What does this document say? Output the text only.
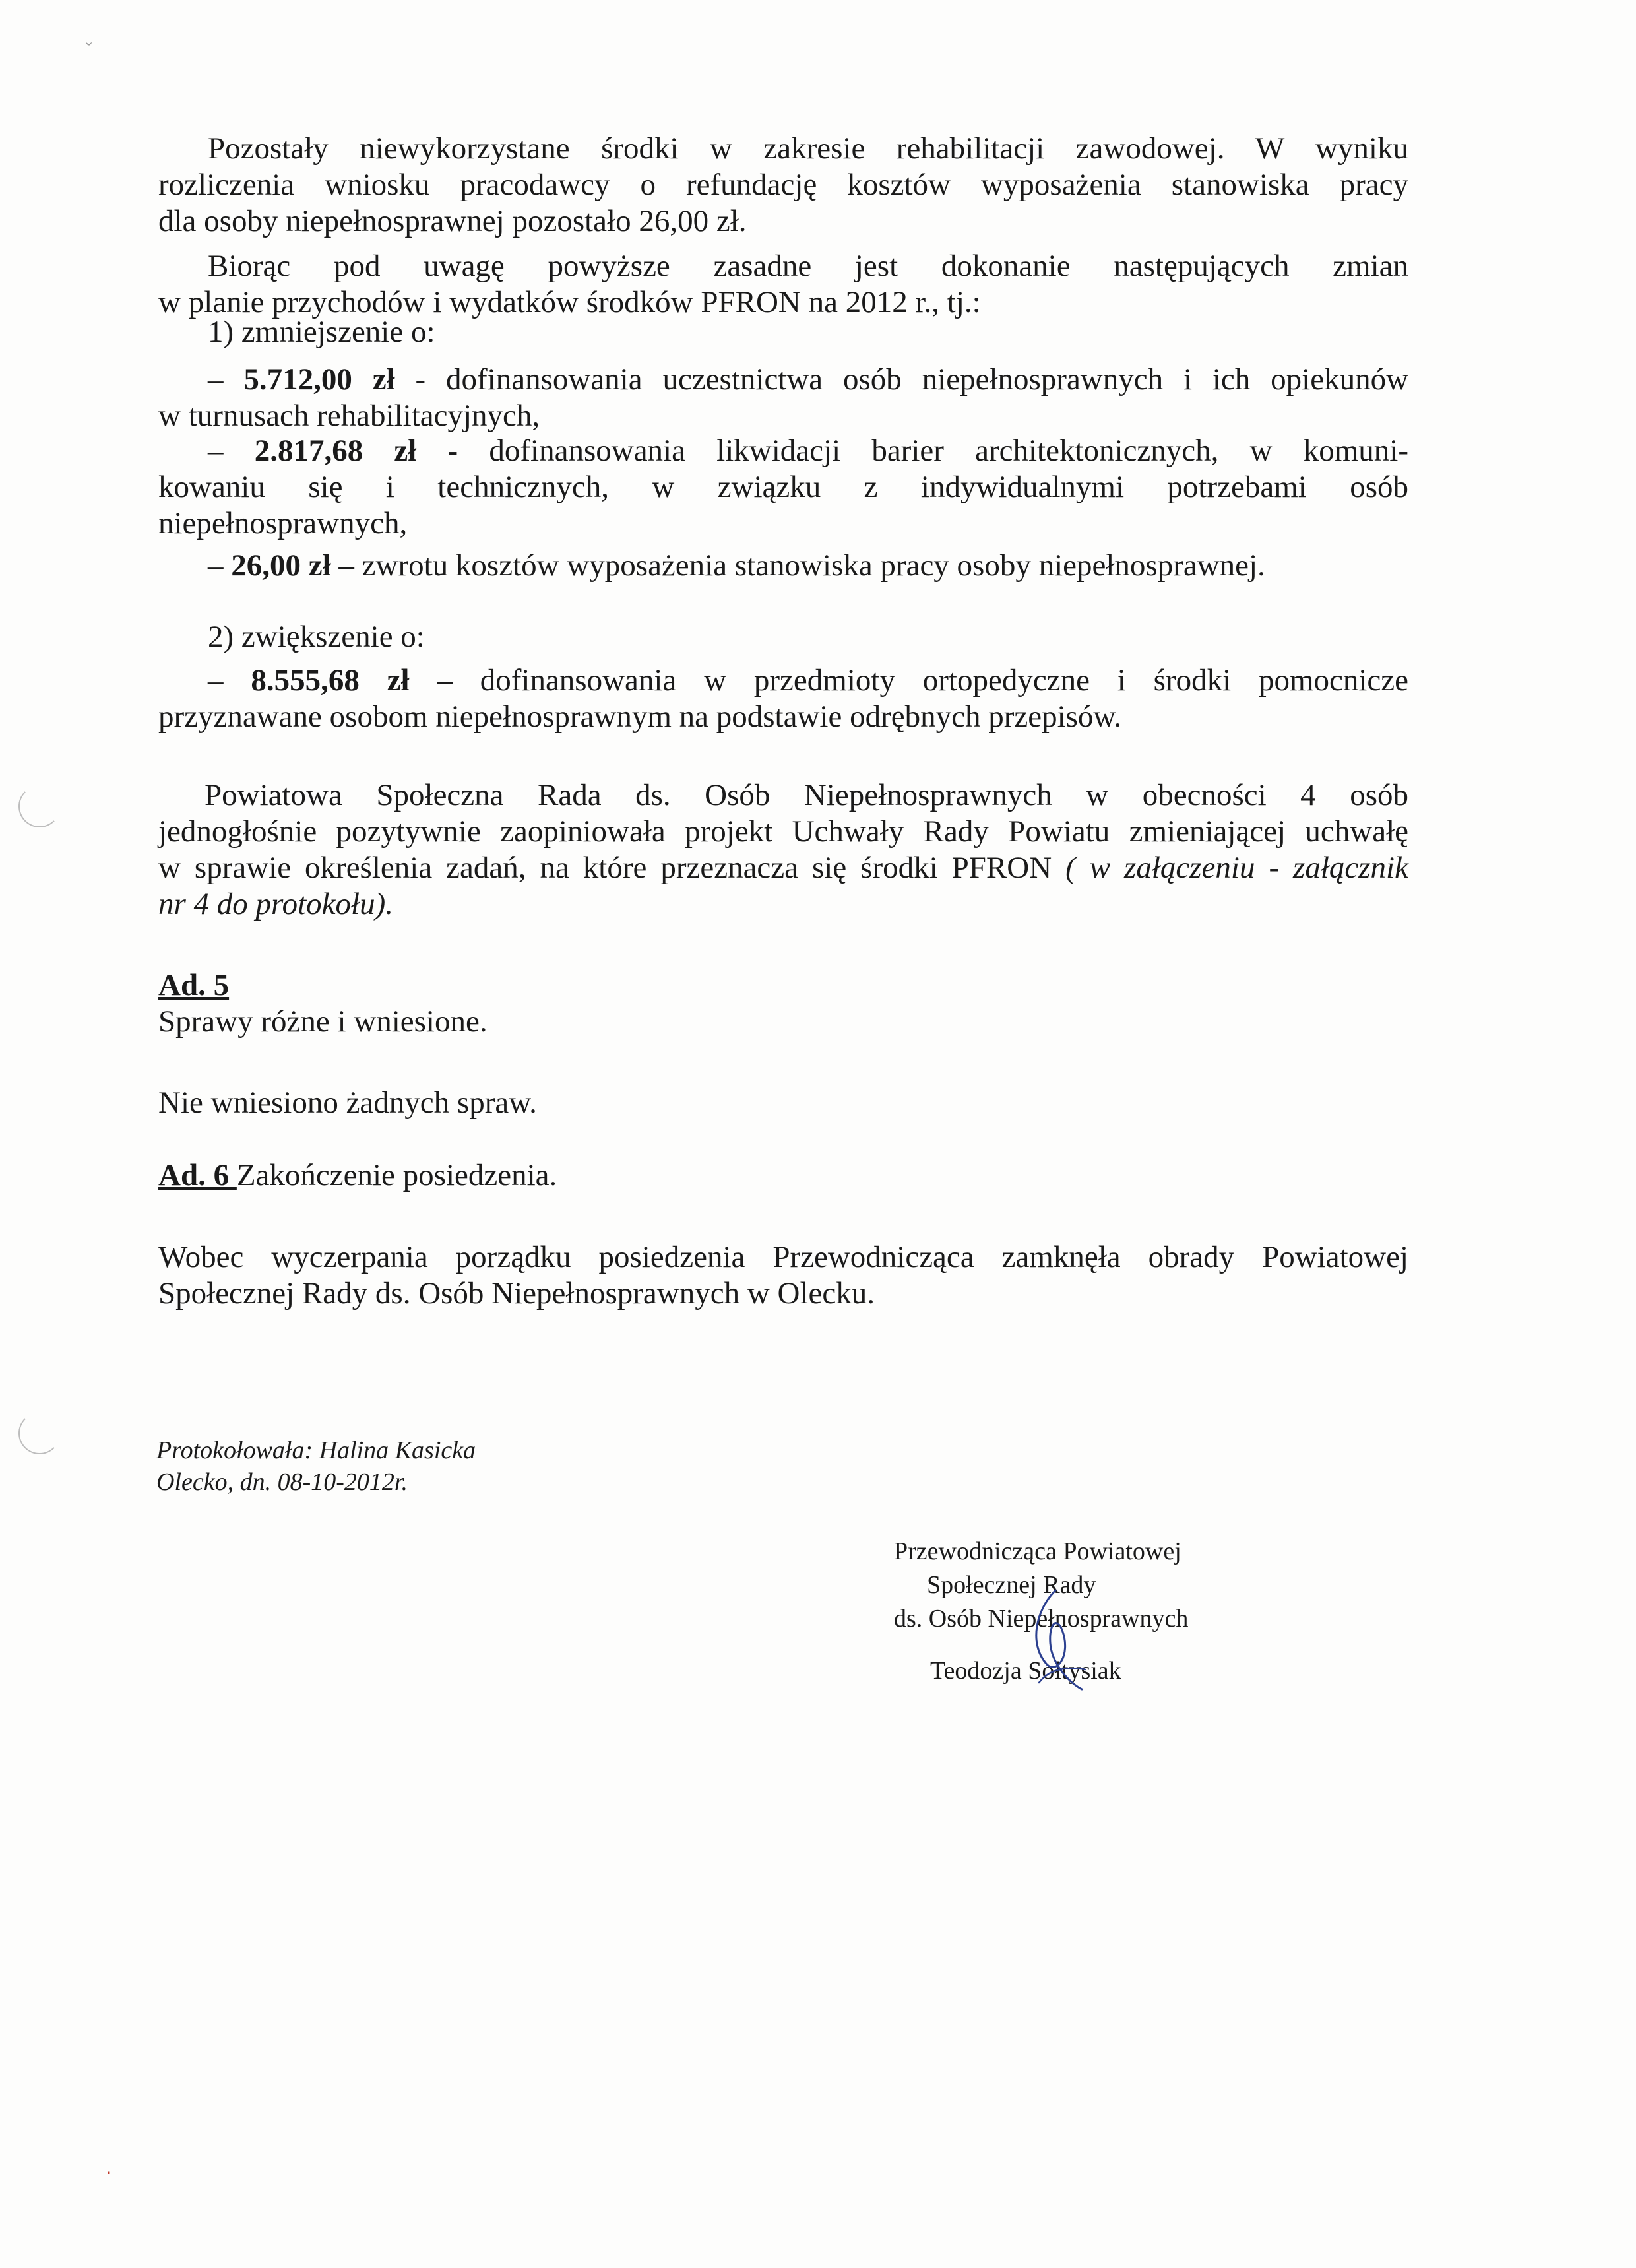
ˇ
Pozostały niewykorzystane środki w zakresie rehabilitacji zawodowej. W wyniku
rozliczenia wniosku pracodawcy o refundację kosztów wyposażenia stanowiska pracy
dla osoby niepełnosprawnej pozostało 26,00 zł.
Biorąc pod uwagę powyższe zasadne jest dokonanie następujących zmian
w planie przychodów i wydatków środków PFRON na 2012 r., tj.:
1) zmniejszenie o:
– 5.712,00 zł - dofinansowania uczestnictwa osób niepełnosprawnych i ich opiekunów
w turnusach rehabilitacyjnych,
– 2.817,68 zł - dofinansowania likwidacji barier architektonicznych, w komuni-
kowaniu się i technicznych, w związku z indywidualnymi potrzebami osób
niepełnosprawnych,
– 26,00 zł – zwrotu kosztów wyposażenia stanowiska pracy osoby niepełnosprawnej.
2) zwiększenie o:
– 8.555,68 zł – dofinansowania w przedmioty ortopedyczne i środki pomocnicze
przyznawane osobom niepełnosprawnym na podstawie odrębnych przepisów.
Powiatowa Społeczna Rada ds. Osób Niepełnosprawnych w obecności 4 osób
jednogłośnie pozytywnie zaopiniowała projekt Uchwały Rady Powiatu zmieniającej uchwałę
w sprawie określenia zadań, na które przeznacza się środki PFRON ( w załączeniu - załącznik
nr 4 do protokołu).
Ad. 5
Sprawy różne i wniesione.
Nie wniesiono żadnych spraw.
Ad. 6 Zakończenie posiedzenia.
Wobec wyczerpania porządku posiedzenia Przewodnicząca zamknęła obrady Powiatowej
Społecznej Rady ds. Osób Niepełnosprawnych w Olecku.
Protokołowała: Halina Kasicka
Olecko, dn. 08-10-2012r.
Przewodnicząca Powiatowej
Społecznej Rady
ds. Osób Niepełnosprawnych
Teodozja Sołtysiak
ˌ
